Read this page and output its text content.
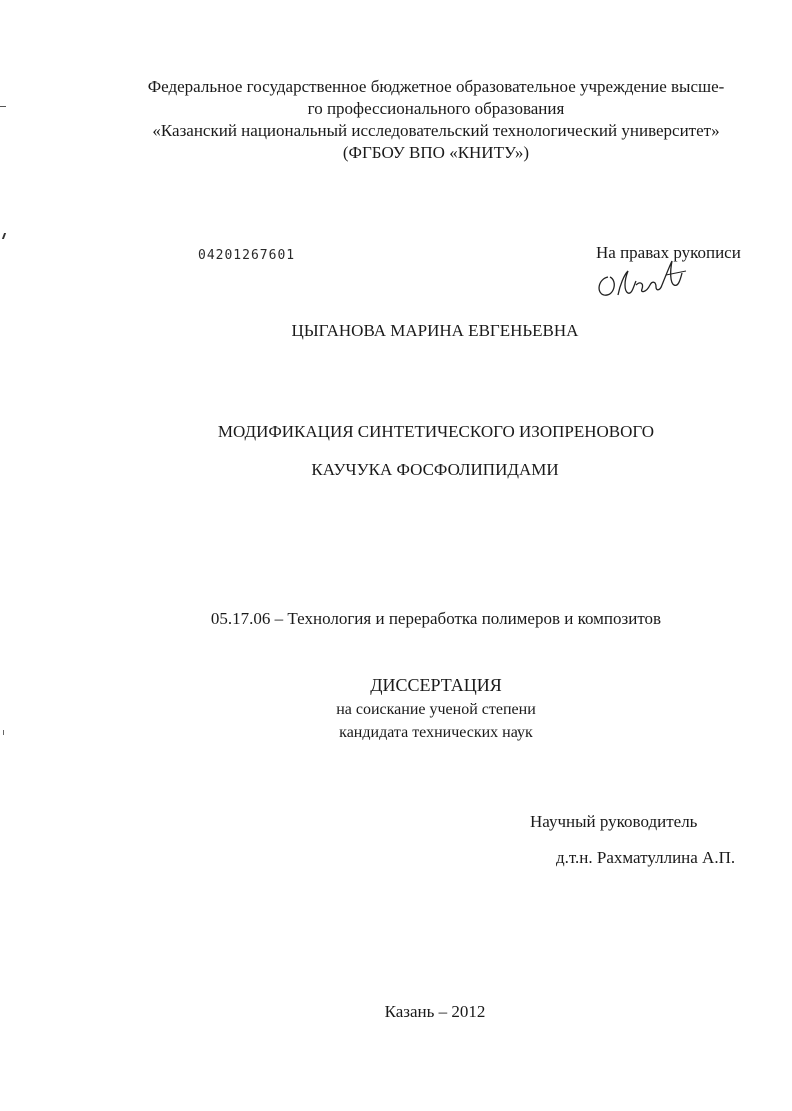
Федеральное государственное бюджетное образовательное учреждение высше-
го профессионального образования
«Казанский национальный исследовательский технологический университет»
(ФГБОУ ВПО «КНИТУ»)
04201267601	На правах рукописи
ЦЫГАНОВА МАРИНА ЕВГЕНЬЕВНА
МОДИФИКАЦИЯ СИНТЕТИЧЕСКОГО ИЗОПРЕНОВОГО
КАУЧУКА ФОСФОЛИПИДАМИ
05.17.06 – Технология и переработка полимеров и композитов
ДИССЕРТАЦИЯ
на соискание ученой степени
кандидата технических наук
Научный руководитель
д.т.н. Рахматуллина А.П.
Казань – 2012
